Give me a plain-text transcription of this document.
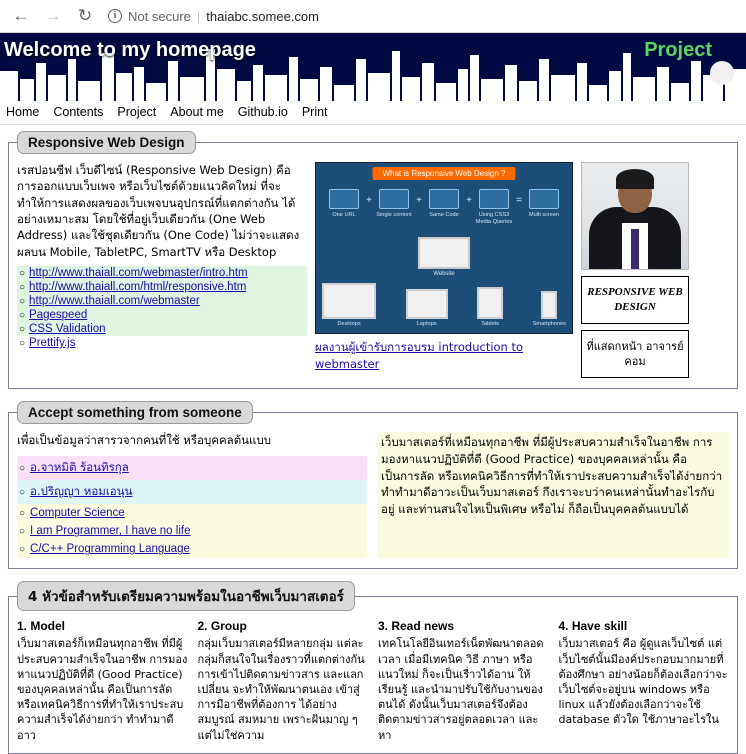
← → ↻	i Not secure | thaiabc.somee.com
Welcome to my homepage	Project
Home Contents Project About me Github.io Print
Responsive Web Design

เรสปอนซีฟ เว็บดีไซน์ (Responsive Web Design) คือ การออกแบบเว็บเพจ หรือเว็บไซต์ด้วยแนวคิดใหม่ ที่จะทำให้การแสดงผลของเว็บเพจบนอุปกรณ์ที่แตกต่างกัน ได้อย่างเหมาะสม โดยใช้ที่อยู่เว็บเดียวกัน (One Web Address) และใช้ชุดเดียวกัน (One Code) ไม่ว่าจะแสดงผลบน Mobile, TabletPC, SmartTV หรือ Desktop

○ http://www.thaiall.com/webmaster/intro.htm
○ http://www.thaiall.com/html/responsive.htm
○ http://www.thaiall.com/webmaster
○ Pagespeed
○ CSS Validation
○ Prettify.js
What is Responsive Web Design ?
One URL
+
Single content
+
Same Code
+
Using CSS3 Media Queries
=
Multi screen
Website
Desktops	Laptops	Tablets	Smartphones
ผลงานผู้เข้ารับการอบรม introduction to webmaster
RESPONSIVE WEB DESIGN
ที่แสดกหน้า อาจารย์คอม
Accept something from someone

เพื่อเป็นข้อมูลว่าสารวจากคนที่ใช้ หรือบุคคลต้นแบบ

○ อ.จาหมิติ ร้อนทิรกุล
○ อ.ปริญญา หอมเอนุน
○ Computer Science
○ I am Programmer, I have no life
○ C/C++ Programming Language

เว็บมาสเตอร์ที่เหมือนทุกอาชีพ ที่มีผู้ประสบความสำเร็จในอาชีพ การมองหาแนวปฏิบัติที่ดี (Good Practice) ของบุคคลเหล่านั้น คือเป็นการลัด หรือเทคนิควิธีการที่ทำให้เราประสบความสำเร็จได้ง่ายกว่า ทำทำมาดีอาวะเป็นเว็บมาสเตอร์ กึงเราจะบว่าคนเหล่านั้นทำอะไรกับอยู่ และท่านสนใจไหเป็นพิเศษ หรือไม่ ก็ถือเป็นบุคคลต้นแบบได้

4 หัวข้อสำหรับเตรียมความพร้อมในอาชีพเว็บมาสเตอร์
1. Model

เว็บมาสเตอร์ก็เหมือนทุกอาชีพ ที่มีผู้ประสบความสำเร็จในอาชีพ การมองหาแนวปฏิบัติที่ดี (Good Practice) ของบุคคลเหล่านั้น คือเป็นการลัด หรือเทคนิควิธีการที่ทำให้เราประสบความสำเร็จได้ง่ายกว่า ทำทำมาดีอาว

2. Group

กลุ่มเว็บมาสเตอร์มีหลายกลุ่ม แต่ละกลุ่มก็สนใจในเรื่องราวที่แตกต่างกัน การเข้าไปติดตามข่าวสาร และแลกเปลี่ยน จะทำให้พัฒนาตนเอง เข้าสู่การมีอาชีพที่ต้องการ ได้อย่างสมบูรณ์ สมหมาย เพราะฝันมาญ ๆ แต่ไม่ใช่ความ

3. Read news

เทคโนโลยีอินเทอร์เน็ตพัฒนาตลอดเวลา เมื่อมีเทคนิค วิธี ภาษา หรือแนวใหม่ ก็จะเป็นเรื่าวได้อาน ให้เรียนรู้ และนำมาปรับใช้กับงานของตนได้ ดังนั้นเว็บมาสเตอร์จึงต้องติดตามข่าวสารอยู่ตลอดเวลา และหา

4. Have skill

เว็บมาสเตอร์ คือ ผู้ดูแลเว็บไซต์ แต่เว็บไซต์นั้นมีองค์ประกอบมากมายที่ต้องศึกษา อย่างน้อยก็ต้องเลือกว่าจะเว็บไซต์จะอยู่บน windows หรือ linux แล้วยังต้องเลือกว่าจะใช้ database ตัวใด ใช้ภาษาอะไรใน
